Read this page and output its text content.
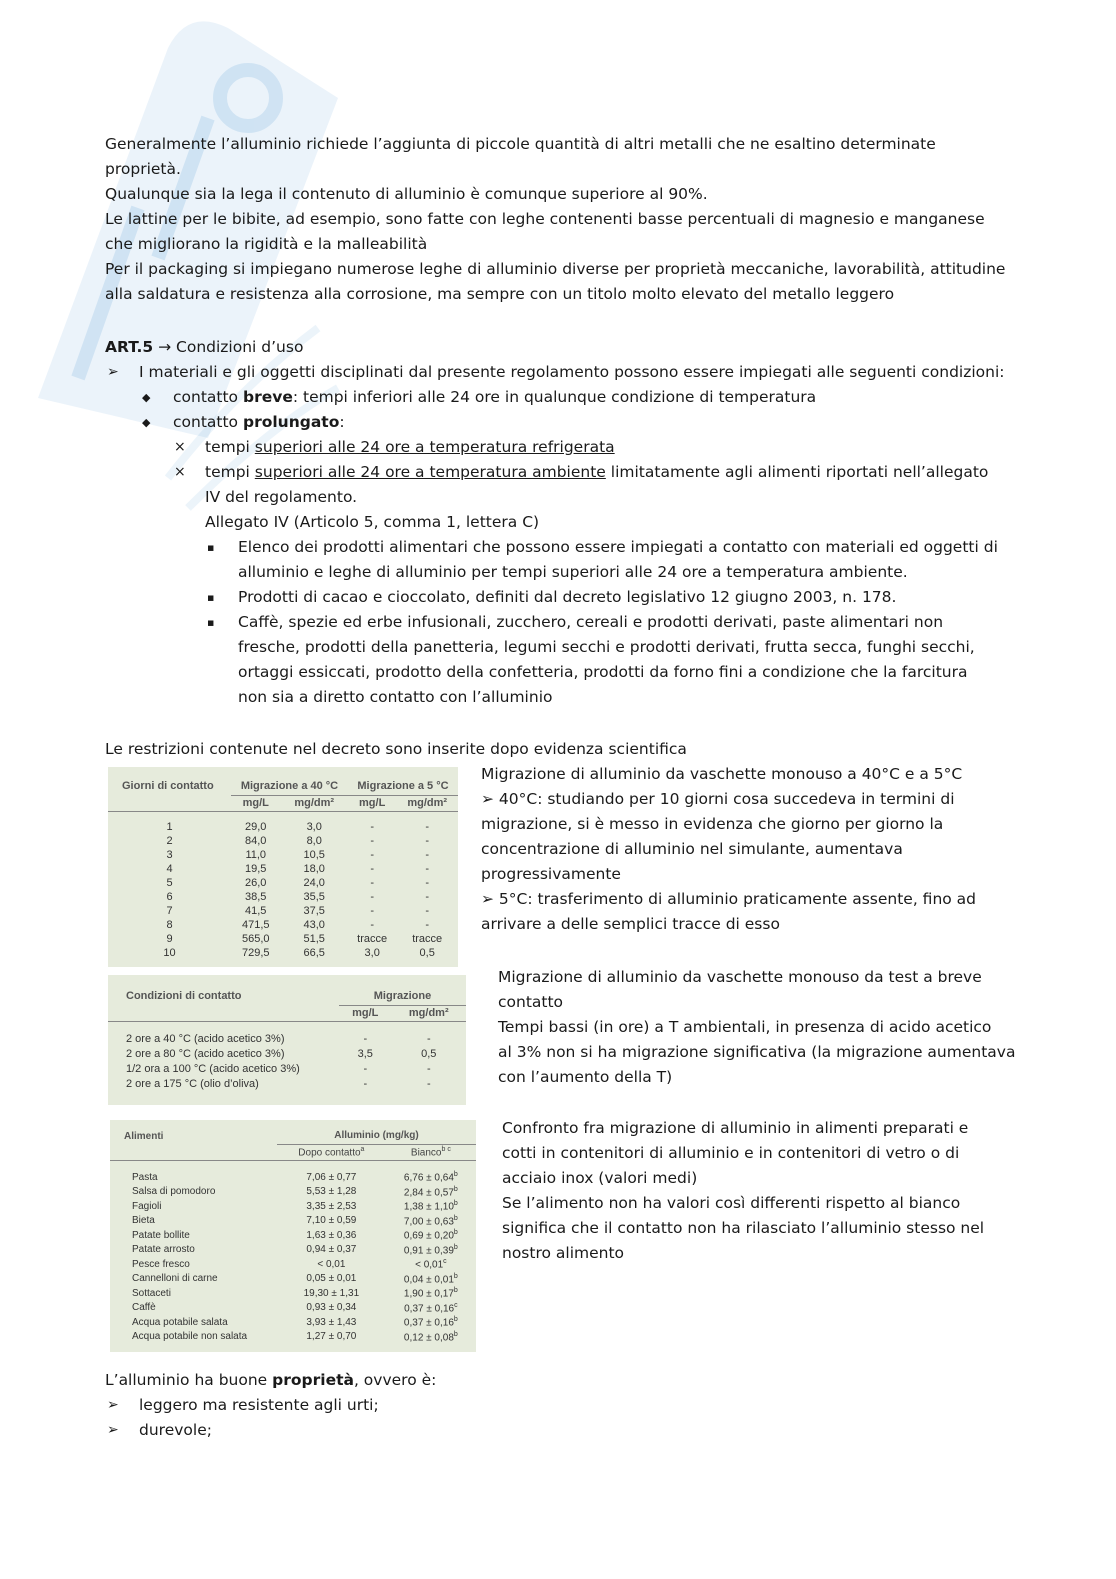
Generalmente l’alluminio richiede l’aggiunta di piccole quantità di altri metalli che ne esaltino determinate
proprietà.
Qualunque sia la lega il contenuto di alluminio è comunque superiore al 90%.
Le lattine per le bibite, ad esempio, sono fatte con leghe contenenti basse percentuali di magnesio e manganese
che migliorano la rigidità e la malleabilità
Per il packaging si impiegano numerose leghe di alluminio diverse per proprietà meccaniche, lavorabilità, attitudine
alla saldatura e resistenza alla corrosione, ma sempre con un titolo molto elevato del metallo leggero
ART.5 → Condizioni d’uso
➢ I materiali e gli oggetti disciplinati dal presente regolamento possono essere impiegati alle seguenti condizioni:
◆ contatto breve: tempi inferiori alle 24 ore in qualunque condizione di temperatura
◆ contatto prolungato:
× tempi superiori alle 24 ore a temperatura refrigerata
× tempi superiori alle 24 ore a temperatura ambiente limitatamente agli alimenti riportati nell’allegato
IV del regolamento.
Allegato IV (Articolo 5, comma 1, lettera C)
▪ Elenco dei prodotti alimentari che possono essere impiegati a contatto con materiali ed oggetti di
alluminio e leghe di alluminio per tempi superiori alle 24 ore a temperatura ambiente.
▪ Prodotti di cacao e cioccolato, definiti dal decreto legislativo 12 giugno 2003, n. 178.
▪ Caffè, spezie ed erbe infusionali, zucchero, cereali e prodotti derivati, paste alimentari non
fresche, prodotti della panetteria, legumi secchi e prodotti derivati, frutta secca, funghi secchi,
ortaggi essiccati, prodotto della confetteria, prodotti da forno fini a condizione che la farcitura
non sia a diretto contatto con l’alluminio
Le restrizioni contenute nel decreto sono inserite dopo evidenza scientifica
Giorni di contatto	Migrazione a 40 °C		Migrazione a 5 °C	
	mg/L	mg/dm²	mg/L	mg/dm²

1	29,0	3,0	-	-
2	84,0	8,0	-	-
3	11,0	10,5	-	-
4	19,5	18,0	-	-
5	26,0	24,0	-	-
6	38,5	35,5	-	-
7	41,5	37,5	-	-
8	471,5	43,0	-	-
9	565,0	51,5	tracce	tracce
10	729,5	66,5	3,0	0,5
Migrazione di alluminio da vaschette monouso a 40°C e a 5°C
➢ 40°C: studiando per 10 giorni cosa succedeva in termini di
migrazione, si è messo in evidenza che giorno per giorno la
concentrazione di alluminio nel simulante, aumentava
progressivamente
➢ 5°C: trasferimento di alluminio praticamente assente, fino ad
arrivare a delle semplici tracce di esso
Condizioni di contatto	Migrazione	
	mg/L	mg/dm²

2 ore a 40 °C (acido acetico 3%)	-	-
2 ore a 80 °C (acido acetico 3%)	3,5	0,5
1/2 ora a 100 °C (acido acetico 3%)	-	-
2 ore a 175 °C (olio d’oliva)	-	-
Migrazione di alluminio da vaschette monouso da test a breve
contatto
Tempi bassi (in ore) a T ambientali, in presenza di acido acetico
al 3% non si ha migrazione significativa (la migrazione aumentava
con l’aumento della T)
Alimenti	Alluminio (mg/kg)	
	Dopo contatto$^a$	Bianco$^{b c}$

Pasta	7,06 ± 0,77	6,76 ± 0,64$^b$
Salsa di pomodoro	5,53 ± 1,28	2,84 ± 0,57$^b$
Fagioli	3,35 ± 2,53	1,38 ± 1,10$^b$
Bieta	7,10 ± 0,59	7,00 ± 0,63$^b$
Patate bollite	1,63 ± 0,36	0,69 ± 0,20$^b$
Patate arrosto	0,94 ± 0,37	0,91 ± 0,39$^b$
Pesce fresco	< 0,01	< 0,01$^c$
Cannelloni di carne	0,05 ± 0,01	0,04 ± 0,01$^b$
Sottaceti	19,30 ± 1,31	1,90 ± 0,17$^b$
Caffè	0,93 ± 0,34	0,37 ± 0,16$^c$
Acqua potabile salata	3,93 ± 1,43	0,37 ± 0,16$^b$
Acqua potabile non salata	1,27 ± 0,70	0,12 ± 0,08$^b$
Confronto fra migrazione di alluminio in alimenti preparati e
cotti in contenitori di alluminio e in contenitori di vetro o di
acciaio inox (valori medi)
Se l’alimento non ha valori così differenti rispetto al bianco
significa che il contatto non ha rilasciato l’alluminio stesso nel
nostro alimento
L’alluminio ha buone proprietà, ovvero è:
➢ leggero ma resistente agli urti;
➢ durevole;
